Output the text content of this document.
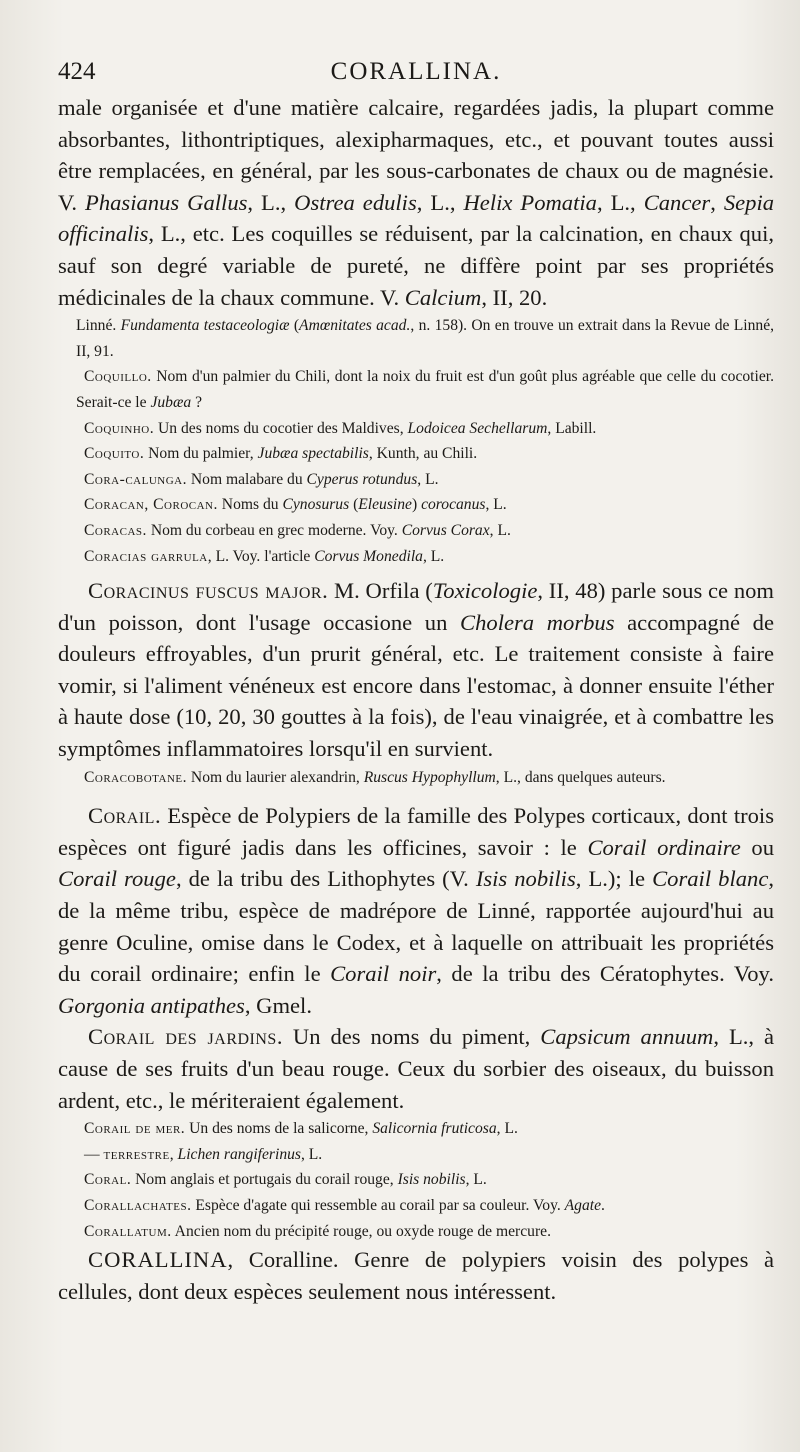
424	CORALLINA.

male organisée et d'une matière calcaire, regardées jadis, la plupart comme absorbantes, lithontriptiques, alexipharmaques, etc., et pouvant toutes aussi être remplacées, en général, par les sous-carbonates de chaux ou de magnésie. V. Phasianus Gallus, L., Ostrea edulis, L., Helix Pomatia, L., Cancer, Sepia officinalis, L., etc. Les coquilles se réduisent, par la calcination, en chaux qui, sauf son degré variable de pureté, ne diffère point par ses propriétés médicinales de la chaux commune. V. Calcium, II, 20.

Linné. Fundamenta testaceologiæ (Amœnitates acad., n. 158). On en trouve un extrait dans la Revue de Linné, II, 91.

Coquillo. Nom d'un palmier du Chili, dont la noix du fruit est d'un goût plus agréable que celle du cocotier. Serait-ce le Jubæa ?

Coquinho. Un des noms du cocotier des Maldives, Lodoicea Sechellarum, Labill.

Coquito. Nom du palmier, Jubæa spectabilis, Kunth, au Chili.

Cora-calunga. Nom malabare du Cyperus rotundus, L.

Coracan, Corocan. Noms du Cynosurus (Eleusine) corocanus, L.

Coracas. Nom du corbeau en grec moderne. Voy. Corvus Corax, L.

Coracias garrula, L. Voy. l'article Corvus Monedila, L.

Coracinus fuscus major. M. Orfila (Toxicologie, II, 48) parle sous ce nom d'un poisson, dont l'usage occasione un Cholera morbus accompagné de douleurs effroyables, d'un prurit général, etc. Le traitement consiste à faire vomir, si l'aliment vénéneux est encore dans l'estomac, à donner ensuite l'éther à haute dose (10, 20, 30 gouttes à la fois), de l'eau vinaigrée, et à combattre les symptômes inflammatoires lorsqu'il en survient.

Coracobotane. Nom du laurier alexandrin, Ruscus Hypophyllum, L., dans quelques auteurs.

Corail. Espèce de Polypiers de la famille des Polypes corticaux, dont trois espèces ont figuré jadis dans les officines, savoir : le Corail ordinaire ou Corail rouge, de la tribu des Lithophytes (V. Isis nobilis, L.); le Corail blanc, de la même tribu, espèce de madrépore de Linné, rapportée aujourd'hui au genre Oculine, omise dans le Codex, et à laquelle on attribuait les propriétés du corail ordinaire; enfin le Corail noir, de la tribu des Cératophytes. Voy. Gorgonia antipathes, Gmel.

Corail des jardins. Un des noms du piment, Capsicum annuum, L., à cause de ses fruits d'un beau rouge. Ceux du sorbier des oiseaux, du buisson ardent, etc., le mériteraient également.

Corail de mer. Un des noms de la salicorne, Salicornia fruticosa, L.

— terrestre, Lichen rangiferinus, L.

Coral. Nom anglais et portugais du corail rouge, Isis nobilis, L.

Corallachates. Espèce d'agate qui ressemble au corail par sa couleur. Voy. Agate.

Corallatum. Ancien nom du précipité rouge, ou oxyde rouge de mercure.

CORALLINA, Coralline. Genre de polypiers voisin des polypes à cellules, dont deux espèces seulement nous intéressent.
